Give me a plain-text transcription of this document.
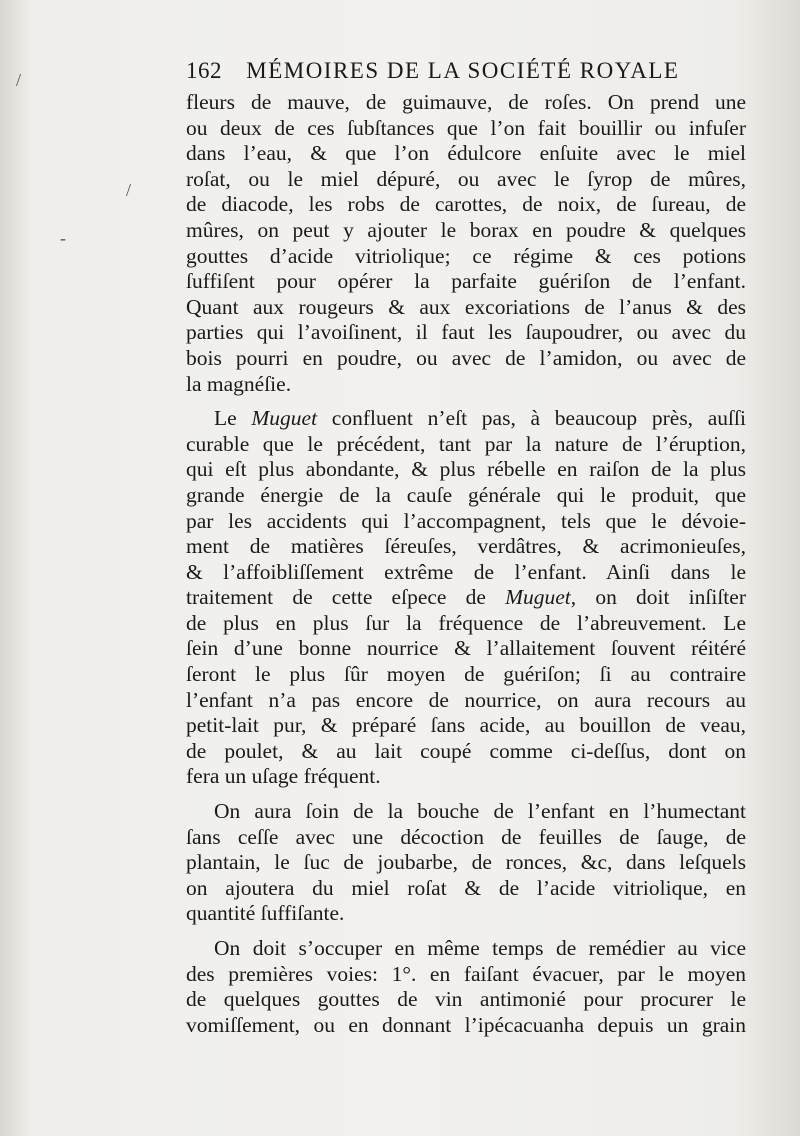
/
/
-
162 MÉMOIRES DE LA SOCIÉTÉ ROYALE
fleurs de mauve, de guimauve, de roſes. On prend une
ou deux de ces ſubſtances que l’on fait bouillir ou infuſer
dans l’eau, & que l’on édulcore enſuite avec le miel
roſat, ou le miel dépuré, ou avec le ſyrop de mûres,
de diacode, les robs de carottes, de noix, de ſureau, de
mûres, on peut y ajouter le borax en poudre & quelques
gouttes d’acide vitriolique; ce régime & ces potions
ſuffiſent pour opérer la parfaite guériſon de l’enfant.
Quant aux rougeurs & aux excoriations de l’anus & des
parties qui l’avoiſinent, il faut les ſaupoudrer, ou avec du
bois pourri en poudre, ou avec de l’amidon, ou avec de
la magnéſie.
Le Muguet confluent n’eſt pas, à beaucoup près, auſſi
curable que le précédent, tant par la nature de l’éruption,
qui eſt plus abondante, & plus rébelle en raiſon de la plus
grande énergie de la cauſe générale qui le produit, que
par les accidents qui l’accompagnent, tels que le dévoie-
ment de matières ſéreuſes, verdâtres, & acrimonieuſes,
& l’affoibliſſement extrême de l’enfant. Ainſi dans le
traitement de cette eſpece de Muguet, on doit inſiſter
de plus en plus ſur la fréquence de l’abreuvement. Le
ſein d’une bonne nourrice & l’allaitement ſouvent réitéré
ſeront le plus ſûr moyen de guériſon; ſi au contraire
l’enfant n’a pas encore de nourrice, on aura recours au
petit-lait pur, & préparé ſans acide, au bouillon de veau,
de poulet, & au lait coupé comme ci-deſſus, dont on
fera un uſage fréquent.
On aura ſoin de la bouche de l’enfant en l’humectant
ſans ceſſe avec une décoction de feuilles de ſauge, de
plantain, le ſuc de joubarbe, de ronces, &c, dans leſquels
on ajoutera du miel roſat & de l’acide vitriolique, en
quantité ſuffiſante.
On doit s’occuper en même temps de remédier au vice
des premières voies: 1°. en faiſant évacuer, par le moyen
de quelques gouttes de vin antimonié pour procurer le
vomiſſement, ou en donnant l’ipécacuanha depuis un grain
